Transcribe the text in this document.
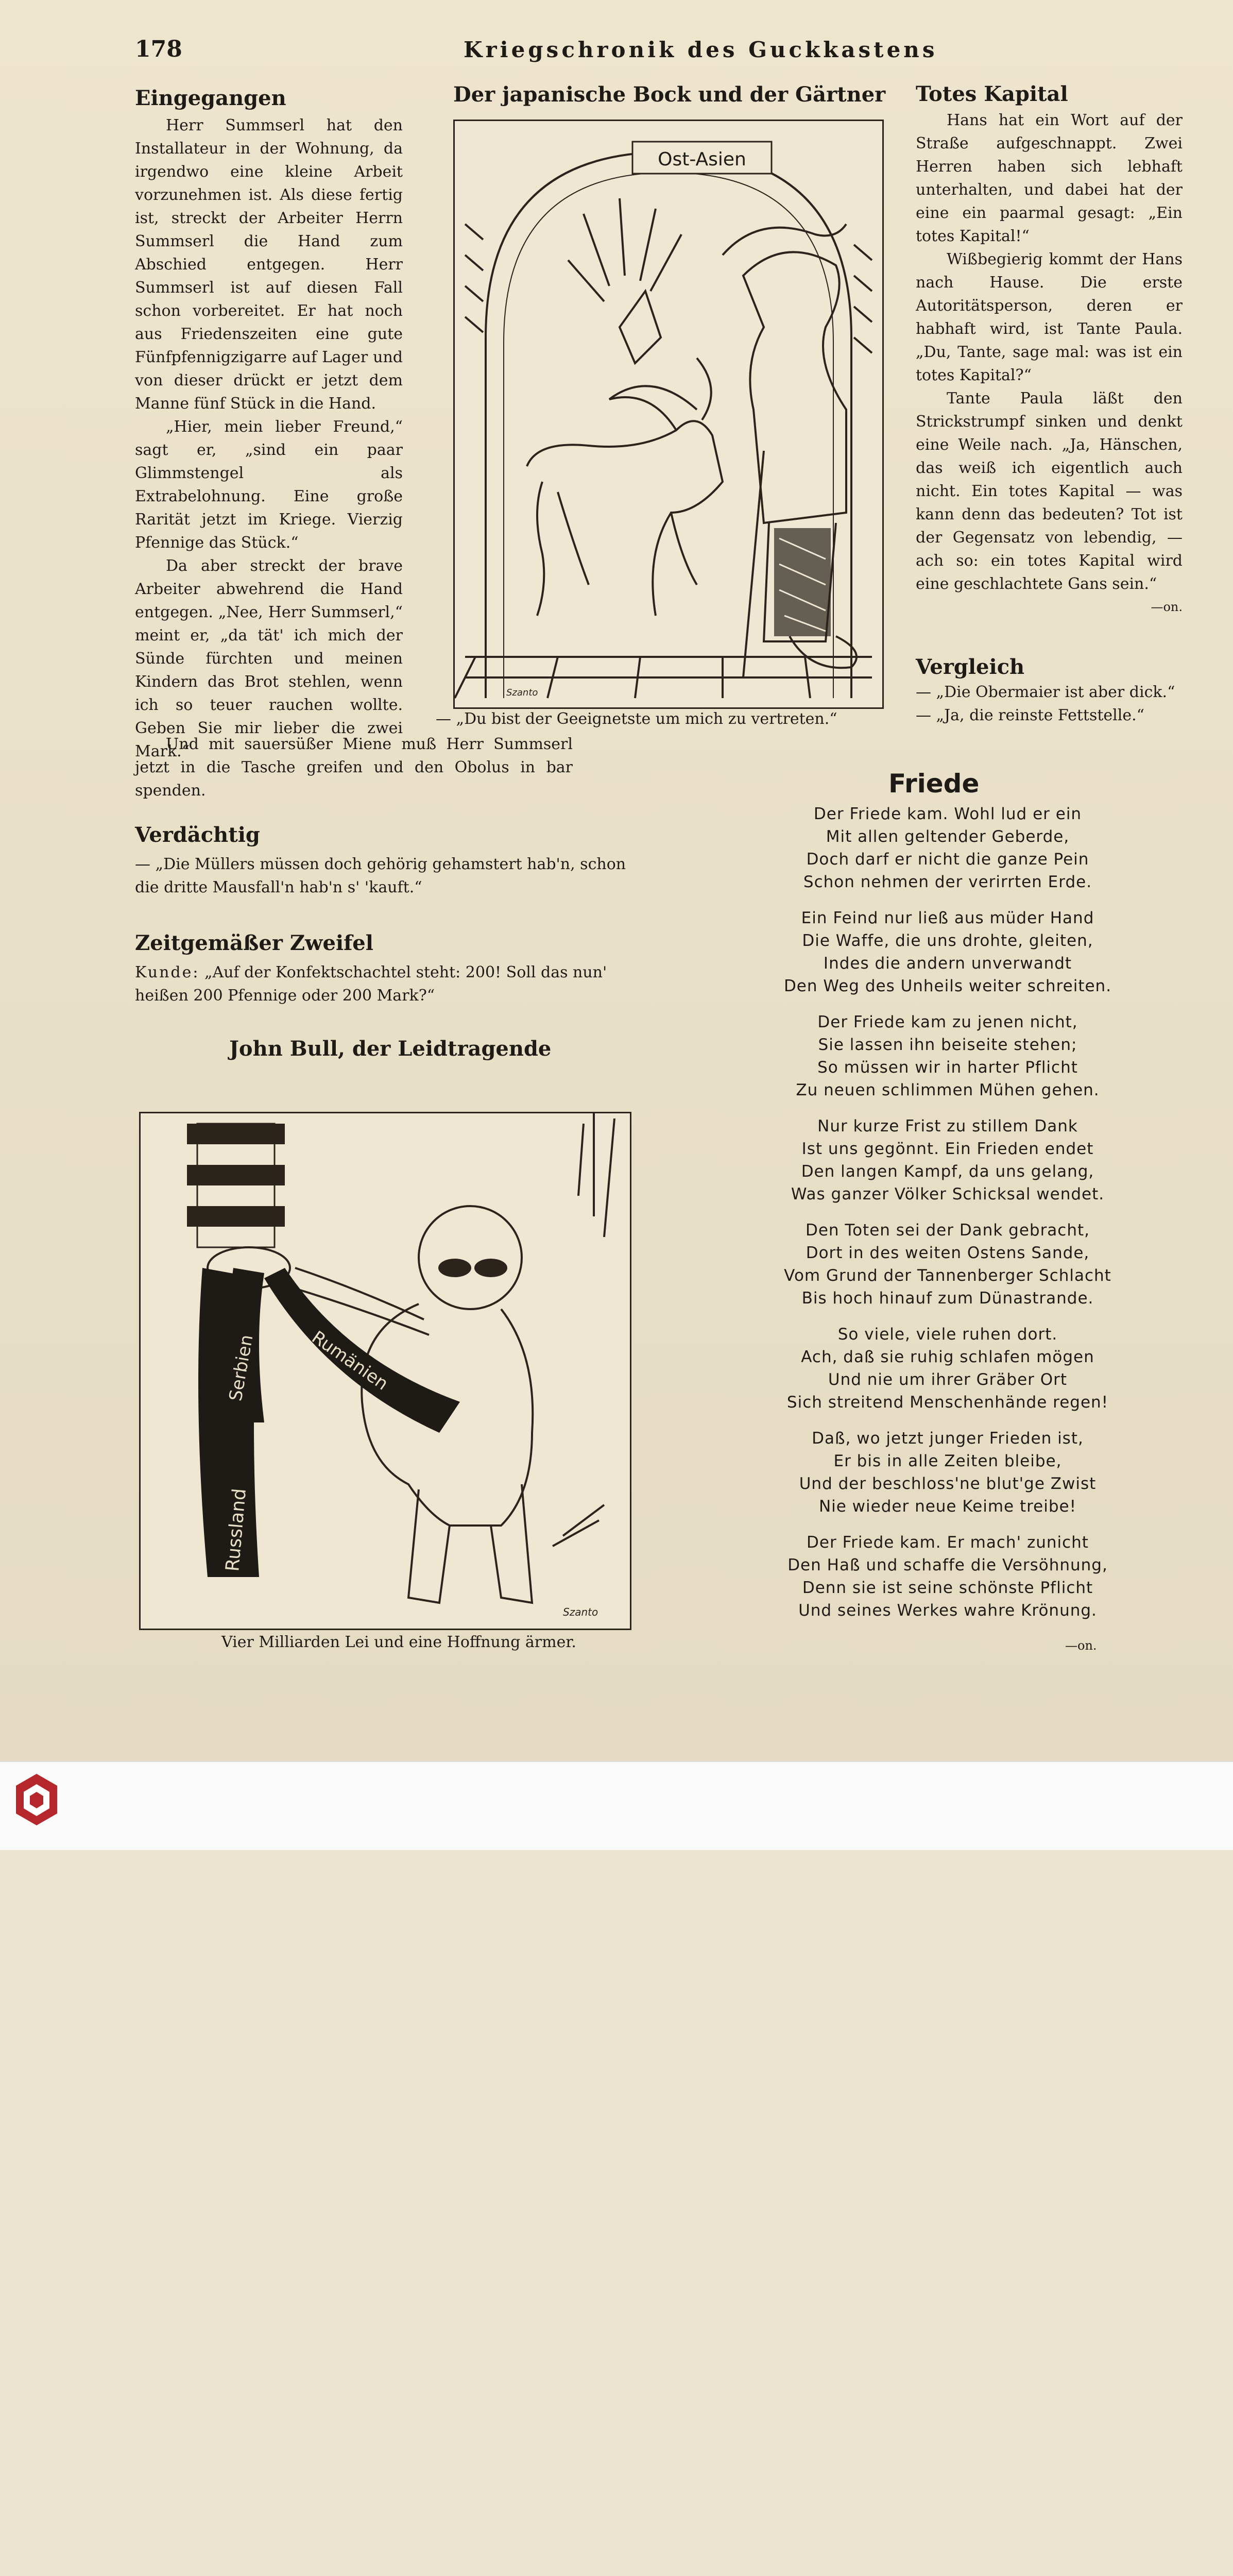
178	Kriegschronik des Guckkastens
Eingegangen

Herr Summserl hat den Installateur in der Wohnung, da irgendwo eine kleine Arbeit vorzunehmen ist. Als diese fertig ist, streckt der Arbeiter Herrn Summserl die Hand zum Abschied entgegen. Herr Summserl ist auf diesen Fall schon vorbereitet. Er hat noch aus Friedenszeiten eine gute Fünfpfennigzigarre auf Lager und von dieser drückt er jetzt dem Manne fünf Stück in die Hand.

„Hier, mein lieber Freund,“ sagt er, „sind ein paar Glimmstengel als Extrabelohnung. Eine große Rarität jetzt im Kriege. Vierzig Pfennige das Stück.“

Da aber streckt der brave Arbeiter abwehrend die Hand entgegen. „Nee, Herr Summserl,“ meint er, „da tät' ich mich der Sünde fürchten und meinen Kindern das Brot stehlen, wenn ich so teuer rauchen wollte. Geben Sie mir lieber die zwei Mark.“

Und mit sauersüßer Miene muß Herr Summserl jetzt in die Tasche greifen und den Obolus in bar spenden.

Der japanische Bock und der Gärtner
Ost-Asien
Szanto
— „Du bist der Geeignetste um mich zu vertreten.“
Totes Kapital

Hans hat ein Wort auf der Straße aufgeschnappt. Zwei Herren haben sich lebhaft unterhalten, und dabei hat der eine ein paarmal gesagt: „Ein totes Kapital!“

Wißbegierig kommt der Hans nach Hause. Die erste Autoritätsperson, deren er habhaft wird, ist Tante Paula. „Du, Tante, sage mal: was ist ein totes Kapital?“

Tante Paula läßt den Strickstrumpf sinken und denkt eine Weile nach. „Ja, Hänschen, das weiß ich eigentlich auch nicht. Ein totes Kapital — was kann denn das bedeuten? Tot ist der Gegensatz von lebendig, — ach so: ein totes Kapital wird eine geschlachtete Gans sein.“

—on.
Vergleich

— „Die Obermaier ist aber dick.“

— „Ja, die reinste Fettstelle.“

Verdächtig

— „Die Müllers müssen doch gehörig gehamstert hab'n, schon die dritte Mausfall'n hab'n s' 'kauft.“

Zeitgemäßer Zweifel

Kunde: „Auf der Konfektschachtel steht: 200! Soll das nun' heißen 200 Pfennige oder 200 Mark?“

John Bull, der Leidtragende
Serbien	Rumänien
Russland
Szanto
Vier Milliarden Lei und eine Hoffnung ärmer.
Friede
Der Friede kam. Wohl lud er ein
Mit allen geltender Geberde,
Doch darf er nicht die ganze Pein
Schon nehmen der verirrten Erde.
Ein Feind nur ließ aus müder Hand
Die Waffe, die uns drohte, gleiten,
Indes die andern unverwandt
Den Weg des Unheils weiter schreiten.
Der Friede kam zu jenen nicht,
Sie lassen ihn beiseite stehen;
So müssen wir in harter Pflicht
Zu neuen schlimmen Mühen gehen.
Nur kurze Frist zu stillem Dank
Ist uns gegönnt. Ein Frieden endet
Den langen Kampf, da uns gelang,
Was ganzer Völker Schicksal wendet.
Den Toten sei der Dank gebracht,
Dort in des weiten Ostens Sande,
Vom Grund der Tannenberger Schlacht
Bis hoch hinauf zum Dünastrande.
So viele, viele ruhen dort.
Ach, daß sie ruhig schlafen mögen
Und nie um ihrer Gräber Ort
Sich streitend Menschenhände regen!
Daß, wo jetzt junger Frieden ist,
Er bis in alle Zeiten bleibe,
Und der beschloss'ne blut'ge Zwist
Nie wieder neue Keime treibe!
Der Friede kam. Er mach' zunicht
Den Haß und schaffe die Versöhnung,
Denn sie ist seine schönste Pflicht
Und seines Werkes wahre Krönung.
—on.
